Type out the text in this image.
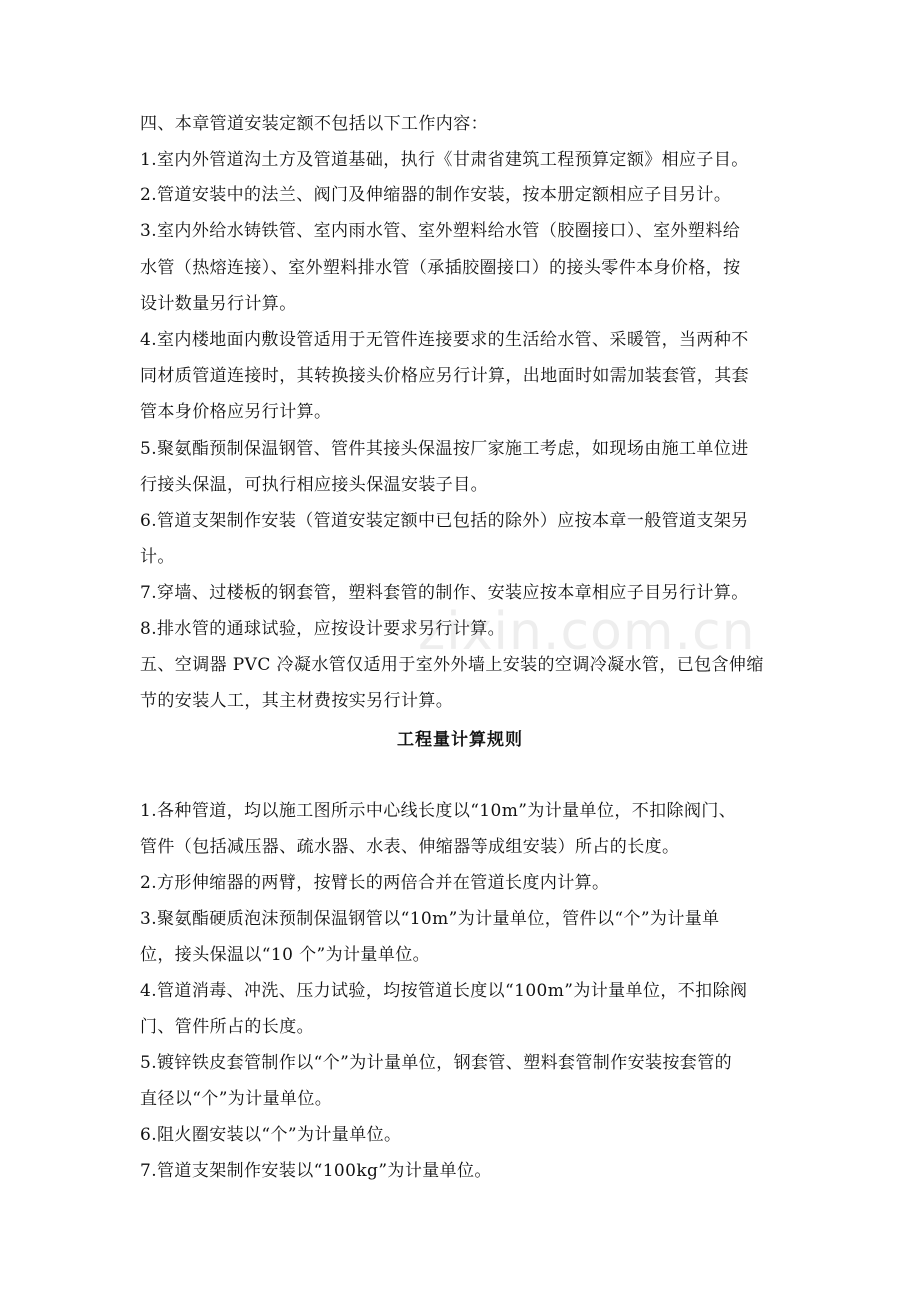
zixin.com.cn
四、本章管道安装定额不包括以下工作内容：
1.室内外管道沟土方及管道基础，执行《甘肃省建筑工程预算定额》相应子目。
2.管道安装中的法兰、阀门及伸缩器的制作安装，按本册定额相应子目另计。
3.室内外给水铸铁管、室内雨水管、室外塑料给水管（胶圈接口）、室外塑料给
水管（热熔连接）、室外塑料排水管（承插胶圈接口）的接头零件本身价格，按
设计数量另行计算。
4.室内楼地面内敷设管适用于无管件连接要求的生活给水管、采暖管，当两种不
同材质管道连接时，其转换接头价格应另行计算，出地面时如需加装套管，其套
管本身价格应另行计算。
5.聚氨酯预制保温钢管、管件其接头保温按厂家施工考虑，如现场由施工单位进
行接头保温，可执行相应接头保温安装子目。
6.管道支架制作安装（管道安装定额中已包括的除外）应按本章一般管道支架另
计。
7.穿墙、过楼板的钢套管，塑料套管的制作、安装应按本章相应子目另行计算。
8.排水管的通球试验，应按设计要求另行计算。
五、空调器 PVC 冷凝水管仅适用于室外外墙上安装的空调冷凝水管，已包含伸缩
节的安装人工，其主材费按实另行计算。
工程量计算规则
1.各种管道，均以施工图所示中心线长度以“10m”为计量单位，不扣除阀门、
管件（包括减压器、疏水器、水表、伸缩器等成组安装）所占的长度。
2.方形伸缩器的两臂，按臂长的两倍合并在管道长度内计算。
3.聚氨酯硬质泡沫预制保温钢管以“10m”为计量单位，管件以“个”为计量单
位，接头保温以“10 个”为计量单位。
4.管道消毒、冲洗、压力试验，均按管道长度以“100m”为计量单位，不扣除阀
门、管件所占的长度。
5.镀锌铁皮套管制作以“个”为计量单位，钢套管、塑料套管制作安装按套管的
直径以“个”为计量单位。
6.阻火圈安装以“个”为计量单位。
7.管道支架制作安装以“100kg”为计量单位。
